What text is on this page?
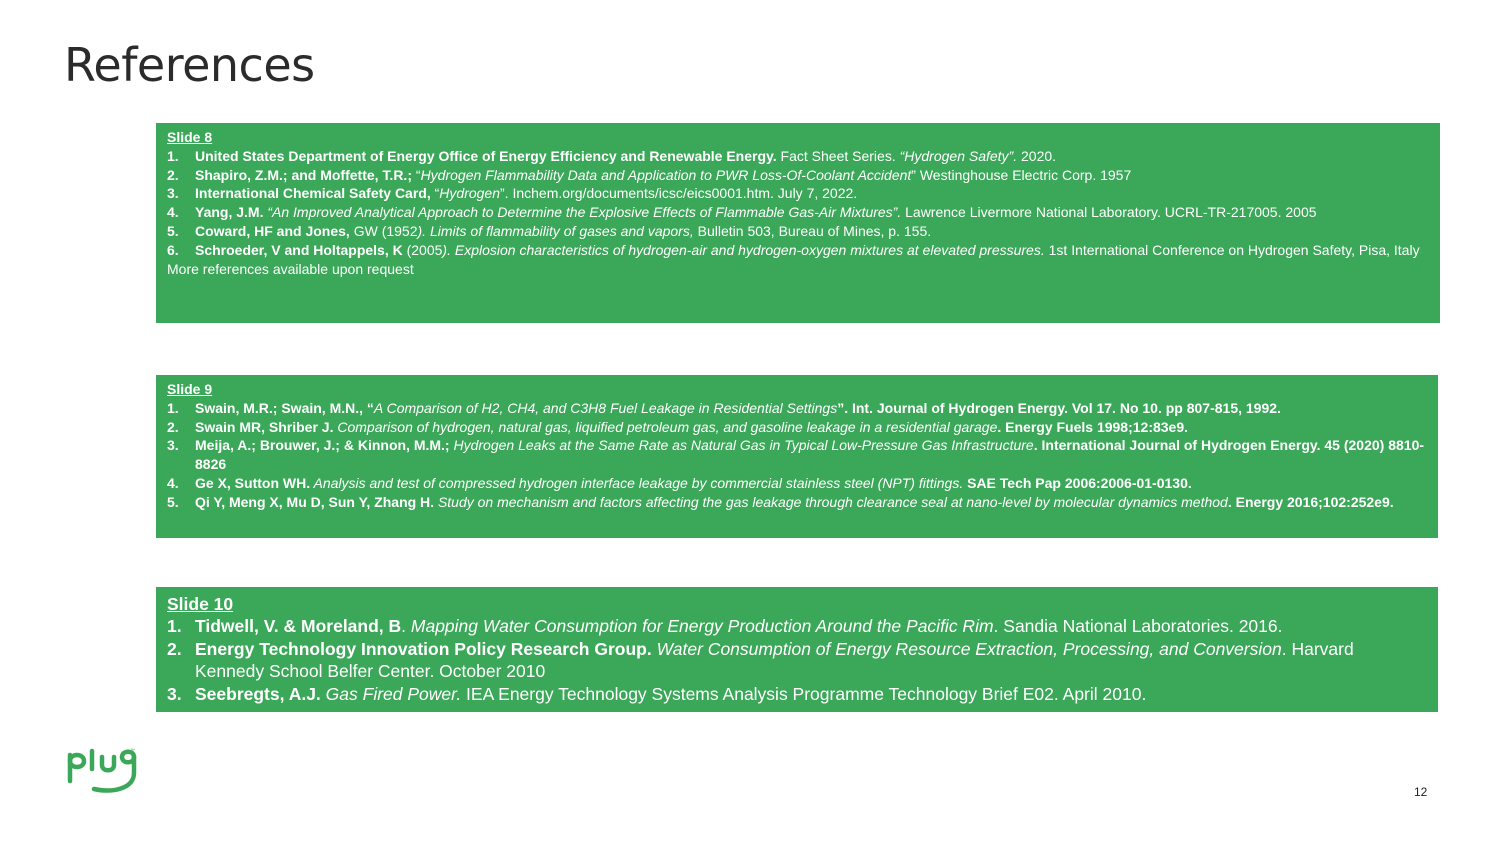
References
Slide 8
1. United States Department of Energy Office of Energy Efficiency and Renewable Energy. Fact Sheet Series. “Hydrogen Safety”. 2020.
2. Shapiro, Z.M.; and Moffette, T.R.; “Hydrogen Flammability Data and Application to PWR Loss-Of-Coolant Accident” Westinghouse Electric Corp. 1957
3. International Chemical Safety Card, “Hydrogen”. Inchem.org/documents/icsc/eics0001.htm. July 7, 2022.
4. Yang, J.M. “An Improved Analytical Approach to Determine the Explosive Effects of Flammable Gas-Air Mixtures”. Lawrence Livermore National Laboratory. UCRL-TR-217005. 2005
5. Coward, HF and Jones, GW (1952). Limits of flammability of gases and vapors, Bulletin 503, Bureau of Mines, p. 155.
6. Schroeder, V and Holtappels, K (2005). Explosion characteristics of hydrogen-air and hydrogen-oxygen mixtures at elevated pressures. 1st International Conference on Hydrogen Safety, Pisa, Italy
More references available upon request
Slide 9
1. Swain, M.R.; Swain, M.N., “A Comparison of H2, CH4, and C3H8 Fuel Leakage in Residential Settings”. Int. Journal of Hydrogen Energy. Vol 17. No 10. pp 807-815, 1992.
2. Swain MR, Shriber J. Comparison of hydrogen, natural gas, liquified petroleum gas, and gasoline leakage in a residential garage. Energy Fuels 1998;12:83e9.
3. Meija, A.; Brouwer, J.; & Kinnon, M.M.; Hydrogen Leaks at the Same Rate as Natural Gas in Typical Low-Pressure Gas Infrastructure. International Journal of Hydrogen Energy. 45 (2020) 8810-8826
4. Ge X, Sutton WH. Analysis and test of compressed hydrogen interface leakage by commercial stainless steel (NPT) fittings. SAE Tech Pap 2006:2006-01-0130.
5. Qi Y, Meng X, Mu D, Sun Y, Zhang H. Study on mechanism and factors affecting the gas leakage through clearance seal at nano-level by molecular dynamics method. Energy 2016;102:252e9.
Slide 10
1. Tidwell, V. & Moreland, B. Mapping Water Consumption for Energy Production Around the Pacific Rim. Sandia National Laboratories. 2016.
2. Energy Technology Innovation Policy Research Group. Water Consumption of Energy Resource Extraction, Processing, and Conversion. Harvard Kennedy School Belfer Center. October 2010
3. Seebregts, A.J. Gas Fired Power. IEA Energy Technology Systems Analysis Programme Technology Brief E02. April 2010.
™
12
